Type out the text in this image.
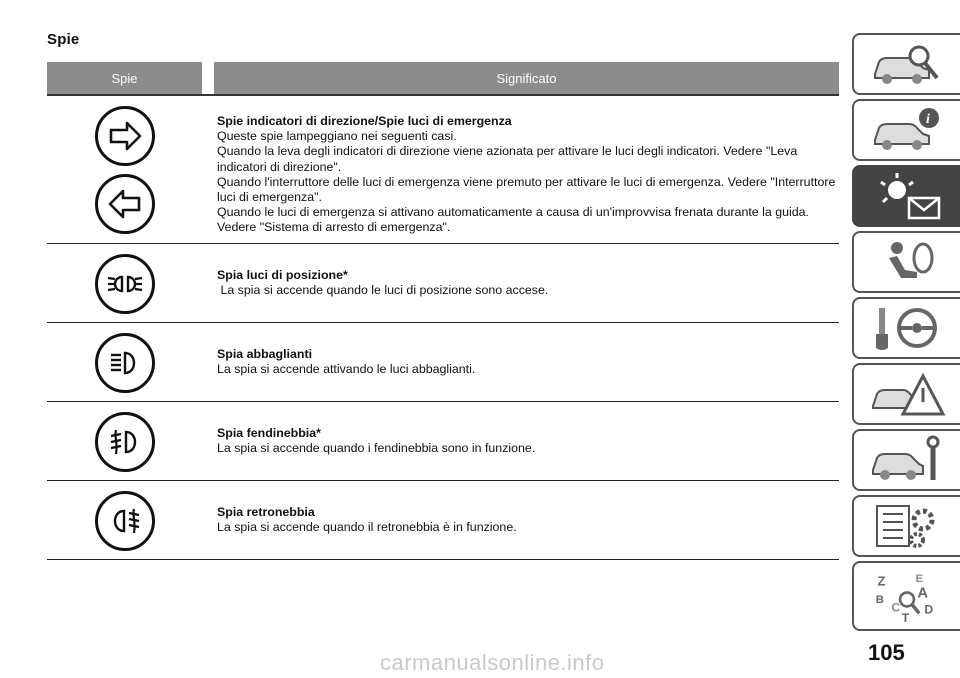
Spie
Spie	Significato
Spie indicatori di direzione/Spie luci di emergenza

Queste spie lampeggiano nei seguenti casi.

Quando la leva degli indicatori di direzione viene azionata per attivare le luci degli indicatori. Vedere "Leva indicatori di direzione".

Quando l'interruttore delle luci di emergenza viene premuto per attivare le luci di emergenza. Vedere "Interruttore luci di emergenza".

Quando le luci di emergenza si attivano automaticamente a causa di un'improvvisa frenata durante la guida. Vedere "Sistema di arresto di emergenza".

Spia luci di posizione*

La spia si accende quando le luci di posizione sono accese.

Spia abbaglianti

La spia si accende attivando le luci abbaglianti.

Spia fendinebbia*

La spia si accende quando i fendinebbia sono in funzione.

Spia retronebbia

La spia si accende quando il retronebbia è in funzione.

i
Z E
A
B
C D
T
105
carmanualsonline.info
